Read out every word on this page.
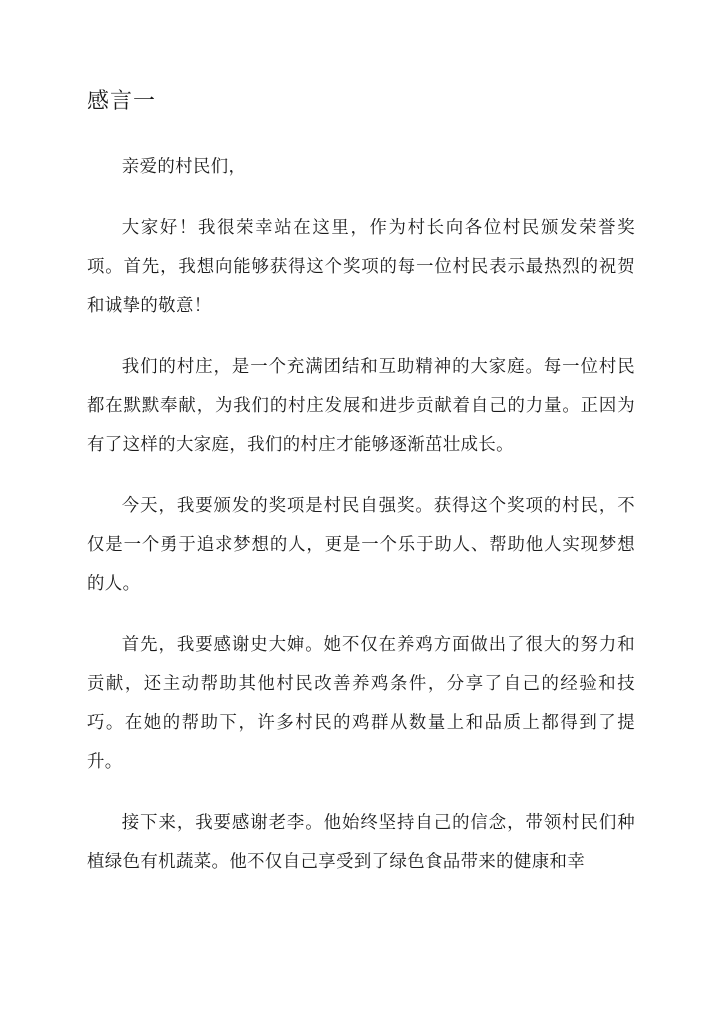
感言一

亲爱的村民们，

大家好！我很荣幸站在这里，作为村长向各位村民颁发荣誉奖项。首先，我想向能够获得这个奖项的每一位村民表示最热烈的祝贺和诚挚的敬意！

我们的村庄，是一个充满团结和互助精神的大家庭。每一位村民都在默默奉献，为我们的村庄发展和进步贡献着自己的力量。正因为有了这样的大家庭，我们的村庄才能够逐渐茁壮成长。

今天，我要颁发的奖项是村民自强奖。获得这个奖项的村民，不仅是一个勇于追求梦想的人，更是一个乐于助人、帮助他人实现梦想的人。

首先，我要感谢史大婶。她不仅在养鸡方面做出了很大的努力和贡献，还主动帮助其他村民改善养鸡条件，分享了自己的经验和技巧。在她的帮助下，许多村民的鸡群从数量上和品质上都得到了提升。

接下来，我要感谢老李。他始终坚持自己的信念，带领村民们种植绿色有机蔬菜。他不仅自己享受到了绿色食品带来的健康和幸
